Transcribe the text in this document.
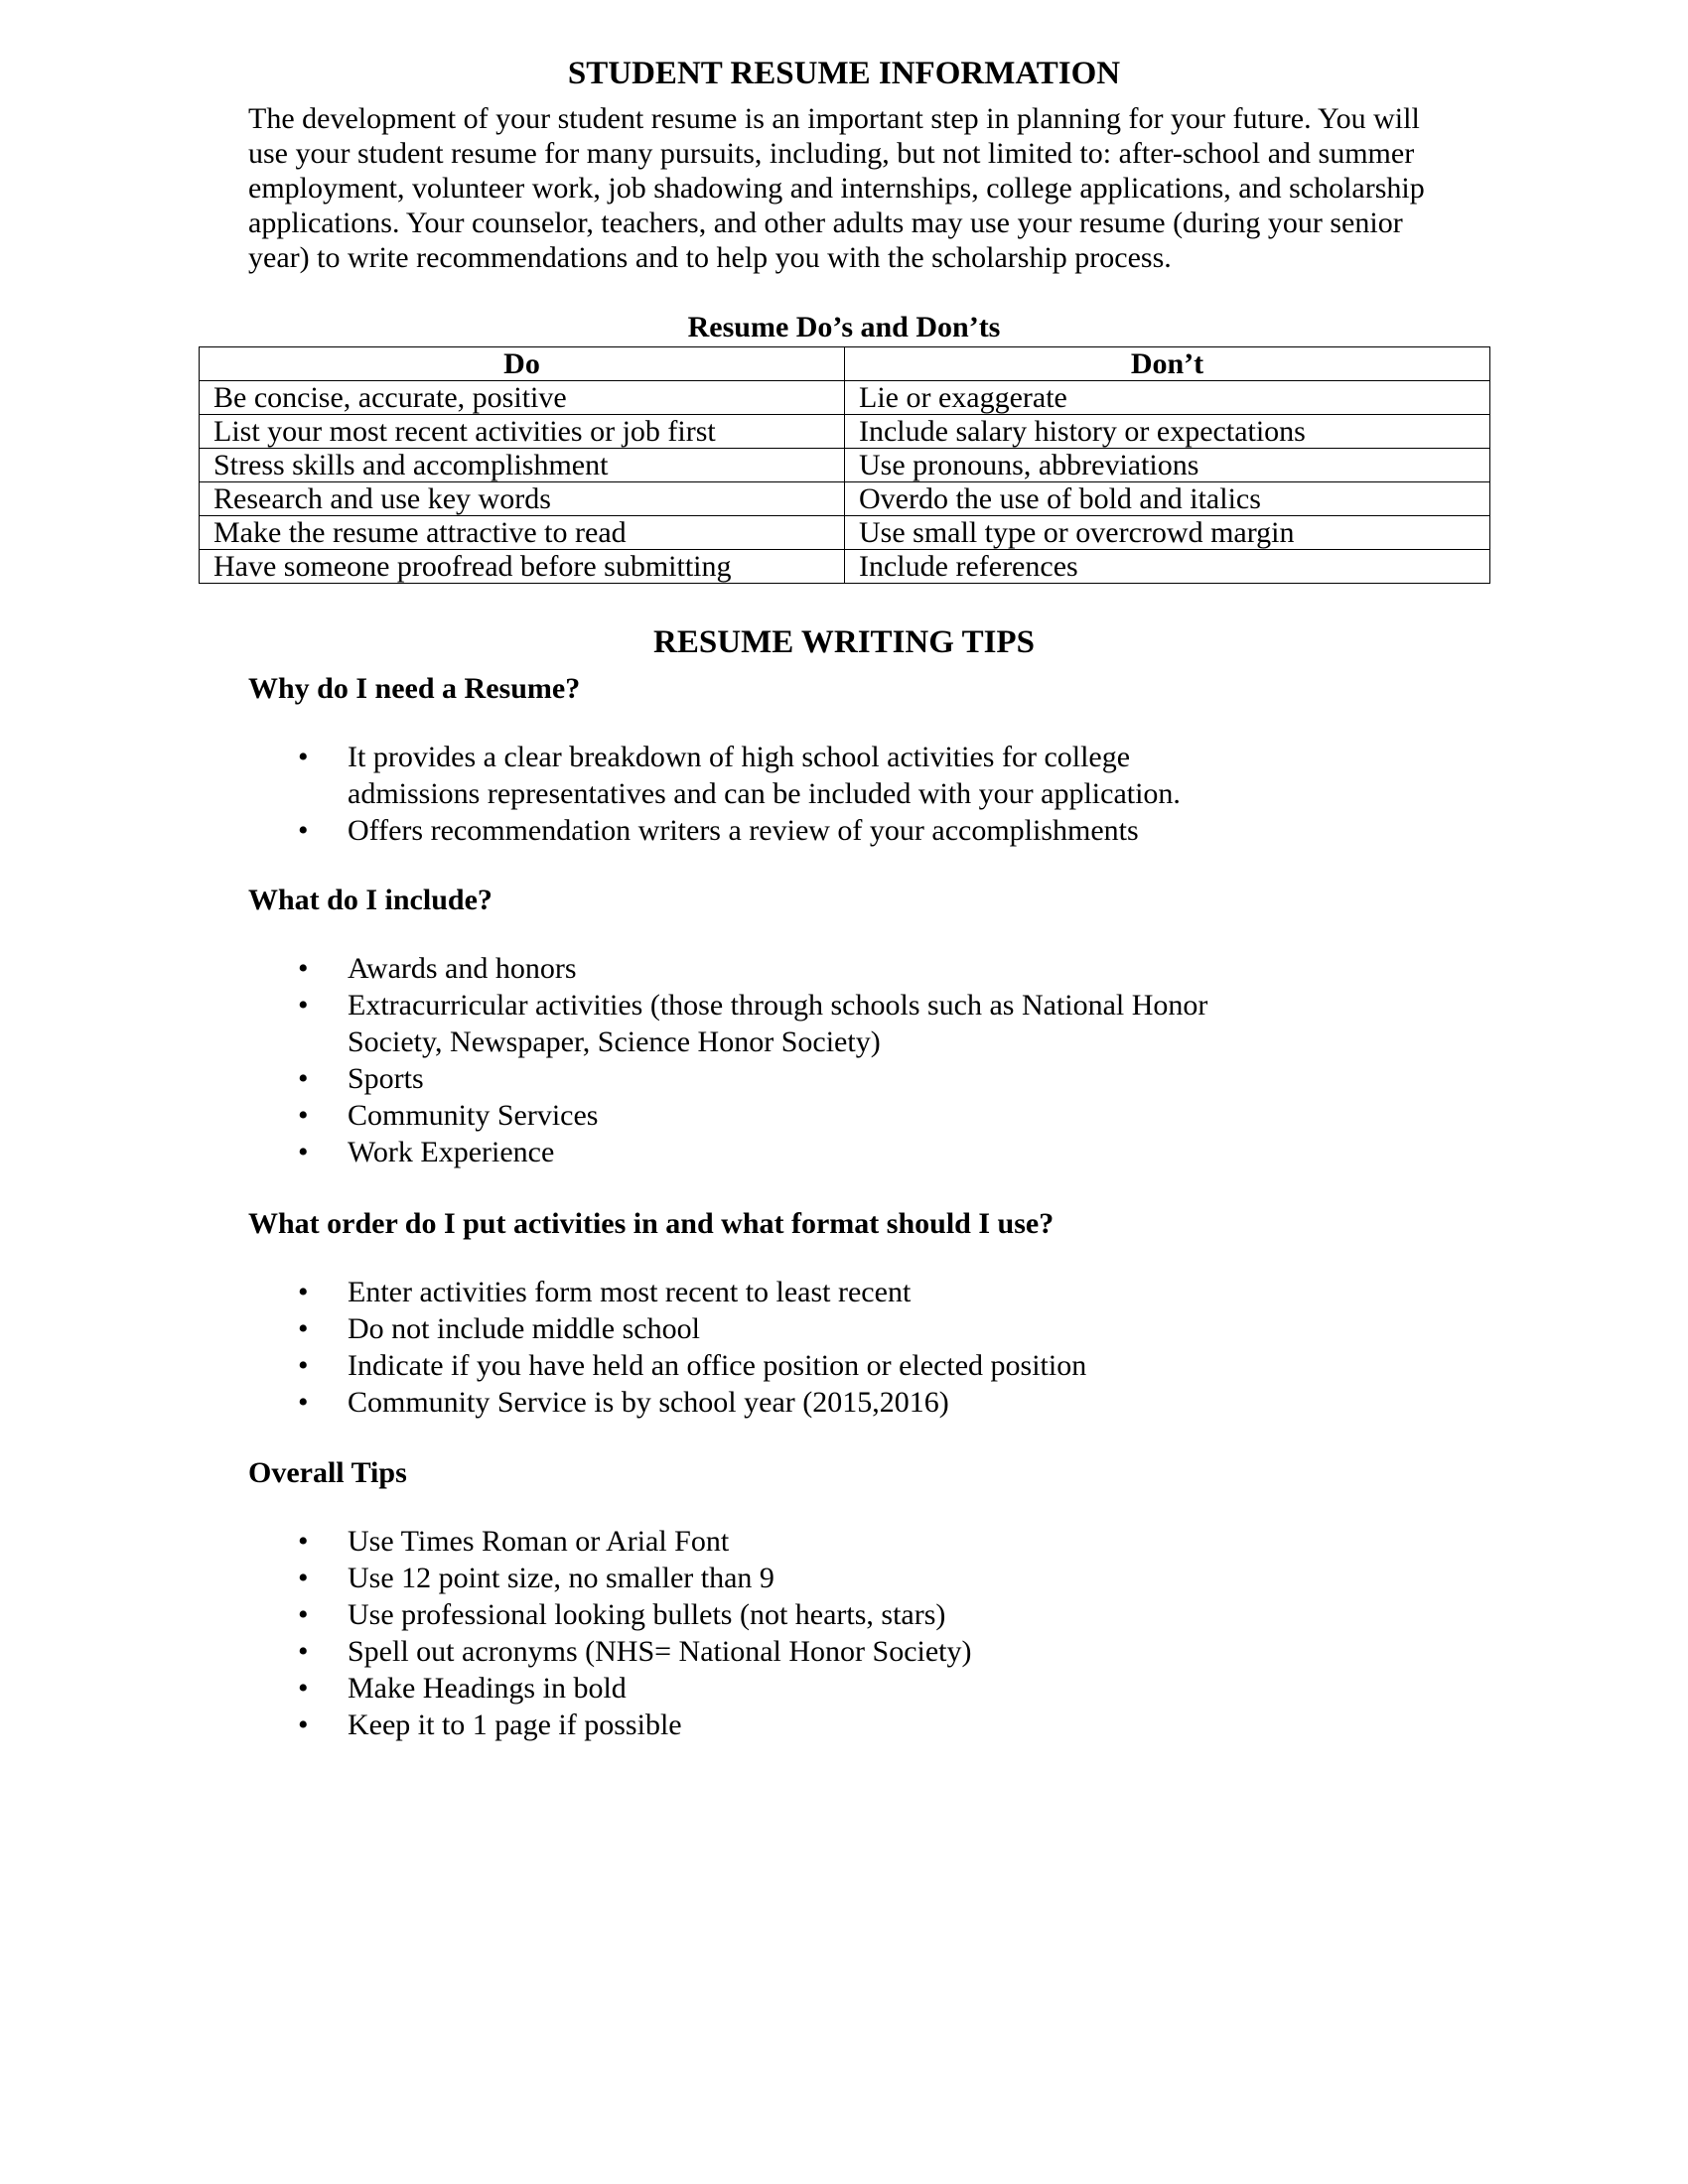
STUDENT RESUME INFORMATION

The development of your student resume is an important step in planning for your future. You will use your student resume for many pursuits, including, but not limited to: after-school and summer employment, volunteer work, job shadowing and internships, college applications, and scholarship applications. Your counselor, teachers, and other adults may use your resume (during your senior year) to write recommendations and to help you with the scholarship process.

Resume Do’s and Don’ts
Do	Don’t
Be concise, accurate, positive	Lie or exaggerate
List your most recent activities or job first	Include salary history or expectations
Stress skills and accomplishment	Use pronouns, abbreviations
Research and use key words	Overdo the use of bold and italics
Make the resume attractive to read	Use small type or overcrowd margin
Have someone proofread before submitting	Include references
RESUME WRITING TIPS
Why do I need a Resume?
• It provides a clear breakdown of high school activities for college admissions representatives and can be included with your application.
• Offers recommendation writers a review of your accomplishments
What do I include?
• Awards and honors
• Extracurricular activities (those through schools such as National Honor Society, Newspaper, Science Honor Society)
• Sports
• Community Services
• Work Experience
What order do I put activities in and what format should I use?
• Enter activities form most recent to least recent
• Do not include middle school
• Indicate if you have held an office position or elected position
• Community Service is by school year (2015,2016)
Overall Tips
• Use Times Roman or Arial Font
• Use 12 point size, no smaller than 9
• Use professional looking bullets (not hearts, stars)
• Spell out acronyms (NHS= National Honor Society)
• Make Headings in bold
• Keep it to 1 page if possible
